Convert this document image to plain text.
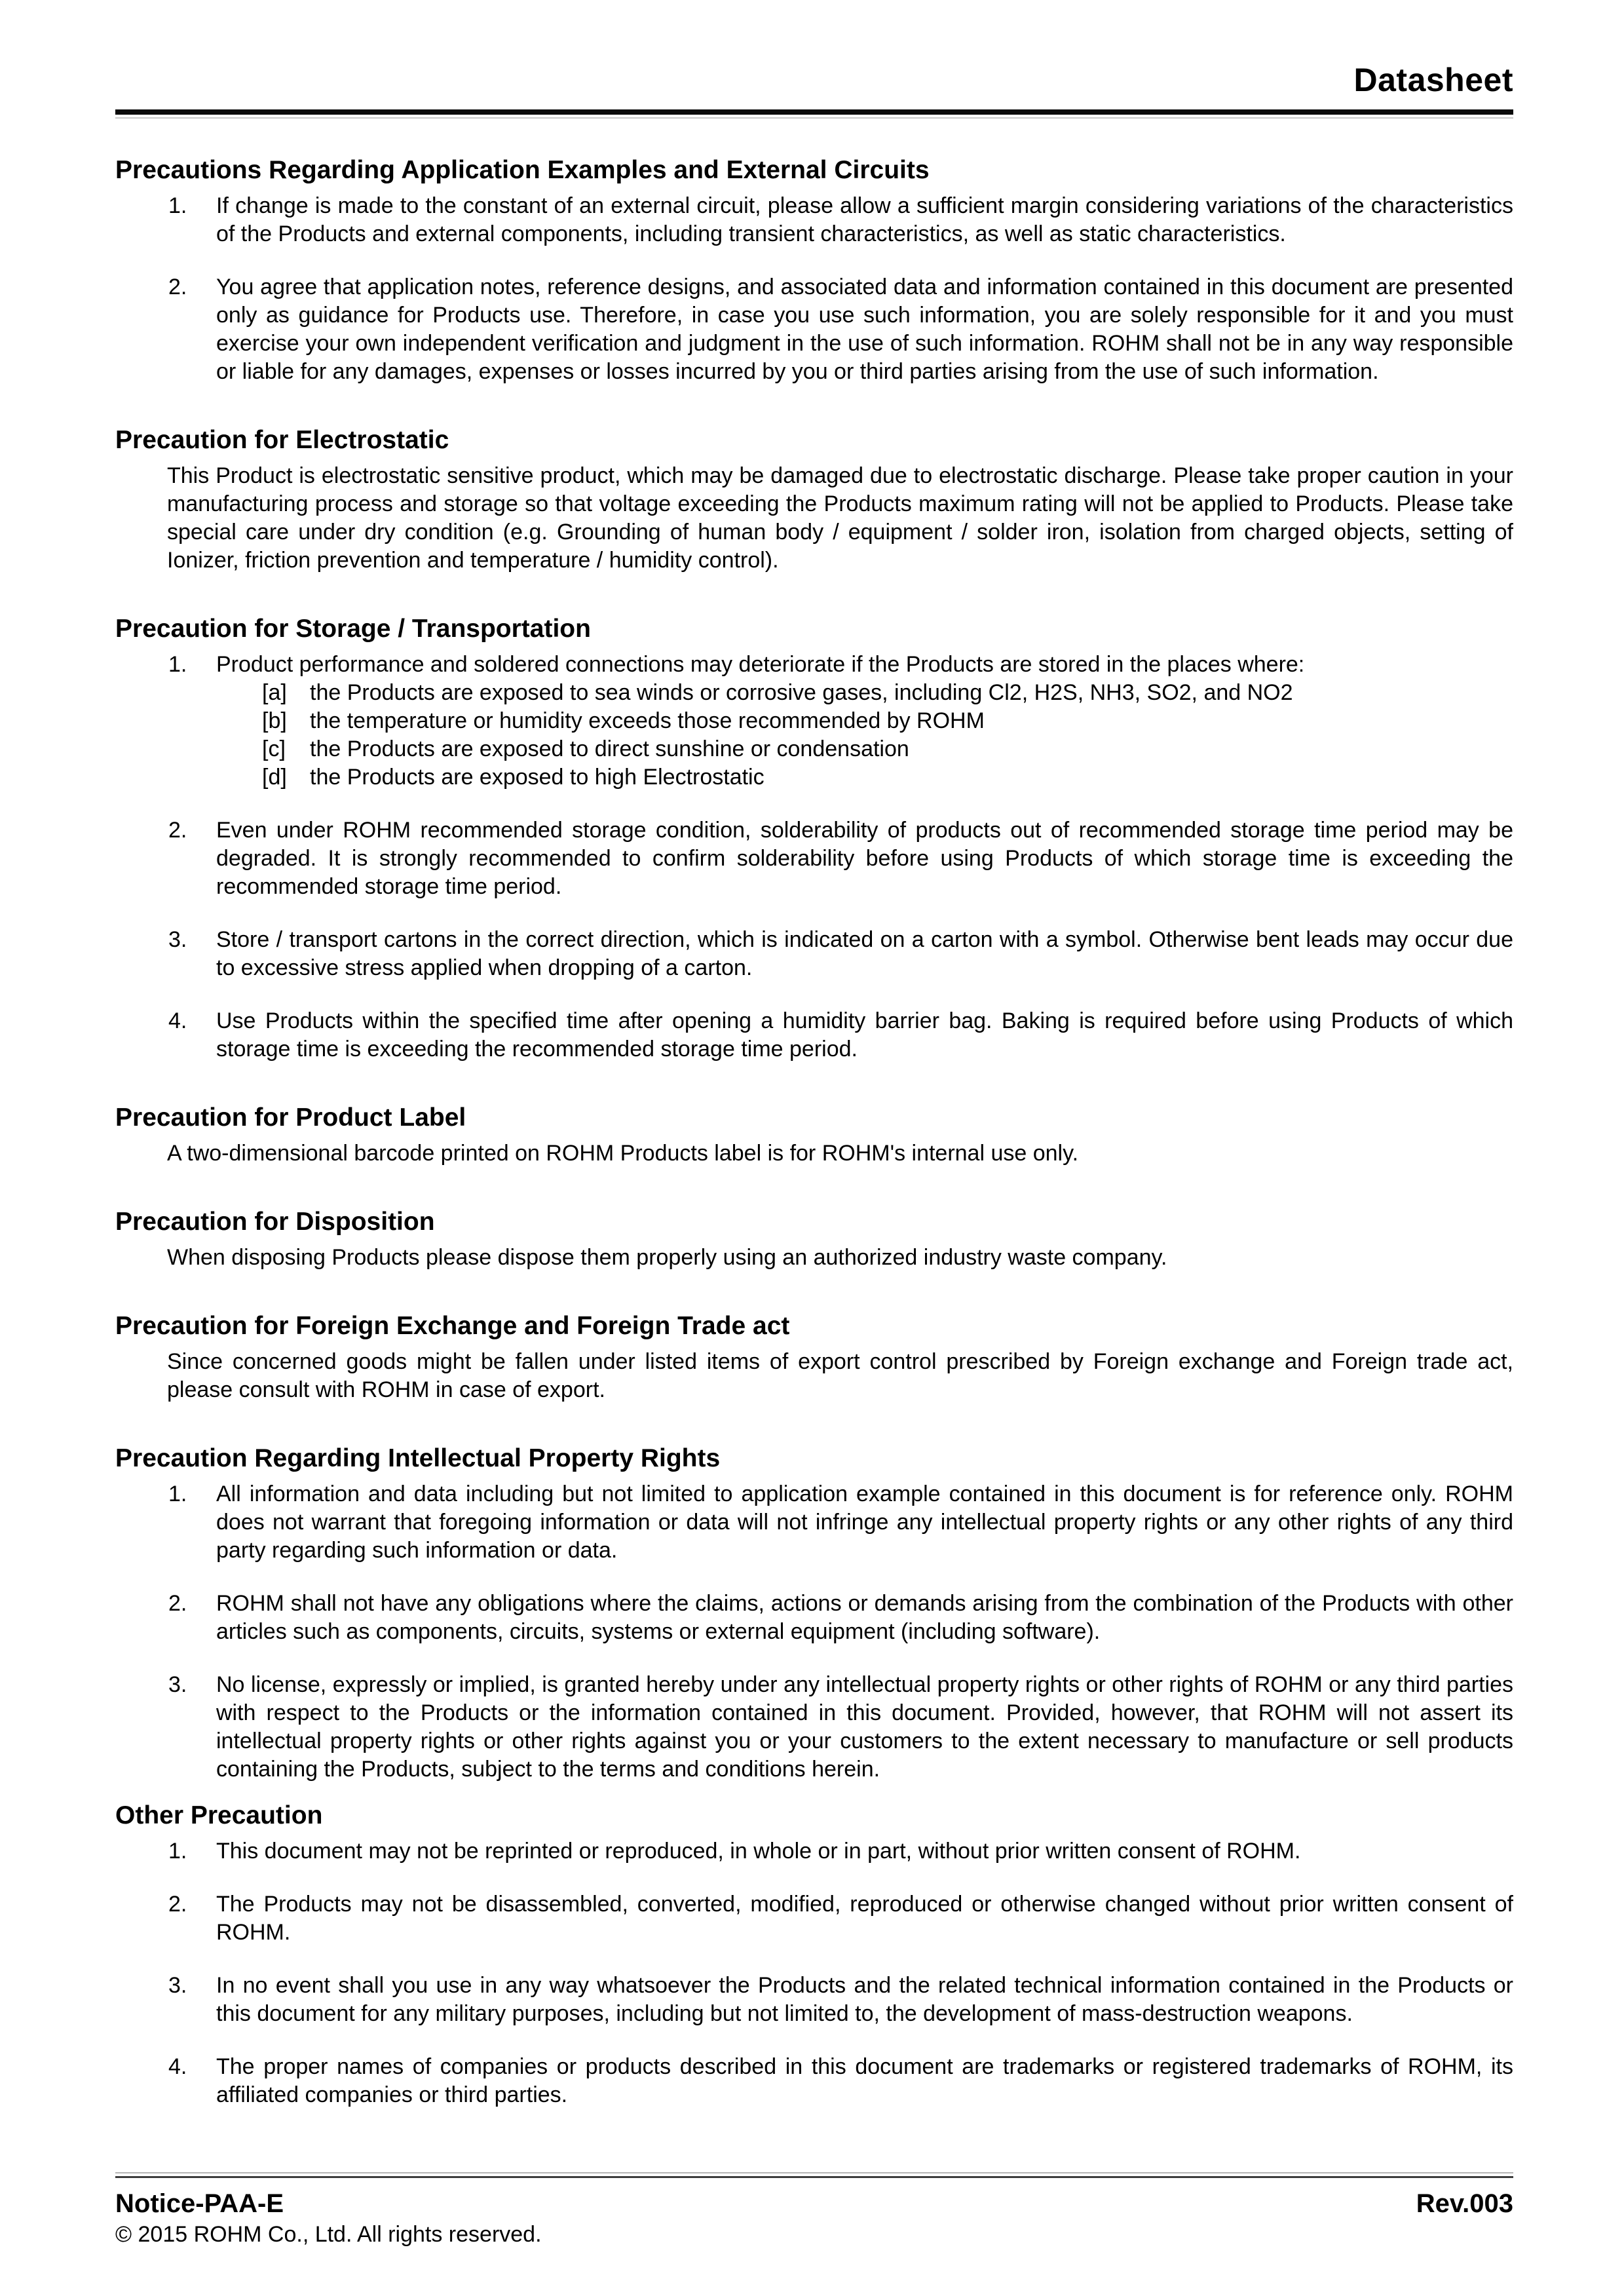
Datasheet
Precautions Regarding Application Examples and External Circuits
1. If change is made to the constant of an external circuit, please allow a sufficient margin considering variations of the characteristics of the Products and external components, including transient characteristics, as well as static characteristics.
2. You agree that application notes, reference designs, and associated data and information contained in this document are presented only as guidance for Products use. Therefore, in case you use such information, you are solely responsible for it and you must exercise your own independent verification and judgment in the use of such information. ROHM shall not be in any way responsible or liable for any damages, expenses or losses incurred by you or third parties arising from the use of such information.
Precaution for Electrostatic
This Product is electrostatic sensitive product, which may be damaged due to electrostatic discharge. Please take proper caution in your manufacturing process and storage so that voltage exceeding the Products maximum rating will not be applied to Products. Please take special care under dry condition (e.g. Grounding of human body / equipment / solder iron, isolation from charged objects, setting of Ionizer, friction prevention and temperature / humidity control).
Precaution for Storage / Transportation
1. Product performance and soldered connections may deteriorate if the Products are stored in the places where:
[a] the Products are exposed to sea winds or corrosive gases, including Cl2, H2S, NH3, SO2, and NO2
[b] the temperature or humidity exceeds those recommended by ROHM
[c] the Products are exposed to direct sunshine or condensation
[d] the Products are exposed to high Electrostatic
2. Even under ROHM recommended storage condition, solderability of products out of recommended storage time period may be degraded. It is strongly recommended to confirm solderability before using Products of which storage time is exceeding the recommended storage time period.
3. Store / transport cartons in the correct direction, which is indicated on a carton with a symbol. Otherwise bent leads may occur due to excessive stress applied when dropping of a carton.
4. Use Products within the specified time after opening a humidity barrier bag. Baking is required before using Products of which storage time is exceeding the recommended storage time period.
Precaution for Product Label
A two-dimensional barcode printed on ROHM Products label is for ROHM's internal use only.
Precaution for Disposition
When disposing Products please dispose them properly using an authorized industry waste company.
Precaution for Foreign Exchange and Foreign Trade act
Since concerned goods might be fallen under listed items of export control prescribed by Foreign exchange and Foreign trade act, please consult with ROHM in case of export.
Precaution Regarding Intellectual Property Rights
1. All information and data including but not limited to application example contained in this document is for reference only. ROHM does not warrant that foregoing information or data will not infringe any intellectual property rights or any other rights of any third party regarding such information or data.
2. ROHM shall not have any obligations where the claims, actions or demands arising from the combination of the Products with other articles such as components, circuits, systems or external equipment (including software).
3. No license, expressly or implied, is granted hereby under any intellectual property rights or other rights of ROHM or any third parties with respect to the Products or the information contained in this document. Provided, however, that ROHM will not assert its intellectual property rights or other rights against you or your customers to the extent necessary to manufacture or sell products containing the Products, subject to the terms and conditions herein.
Other Precaution
1. This document may not be reprinted or reproduced, in whole or in part, without prior written consent of ROHM.
2. The Products may not be disassembled, converted, modified, reproduced or otherwise changed without prior written consent of ROHM.
3. In no event shall you use in any way whatsoever the Products and the related technical information contained in the Products or this document for any military purposes, including but not limited to, the development of mass-destruction weapons.
4. The proper names of companies or products described in this document are trademarks or registered trademarks of ROHM, its affiliated companies or third parties.
Notice-PAA-E	Rev.003
© 2015 ROHM Co., Ltd. All rights reserved.
